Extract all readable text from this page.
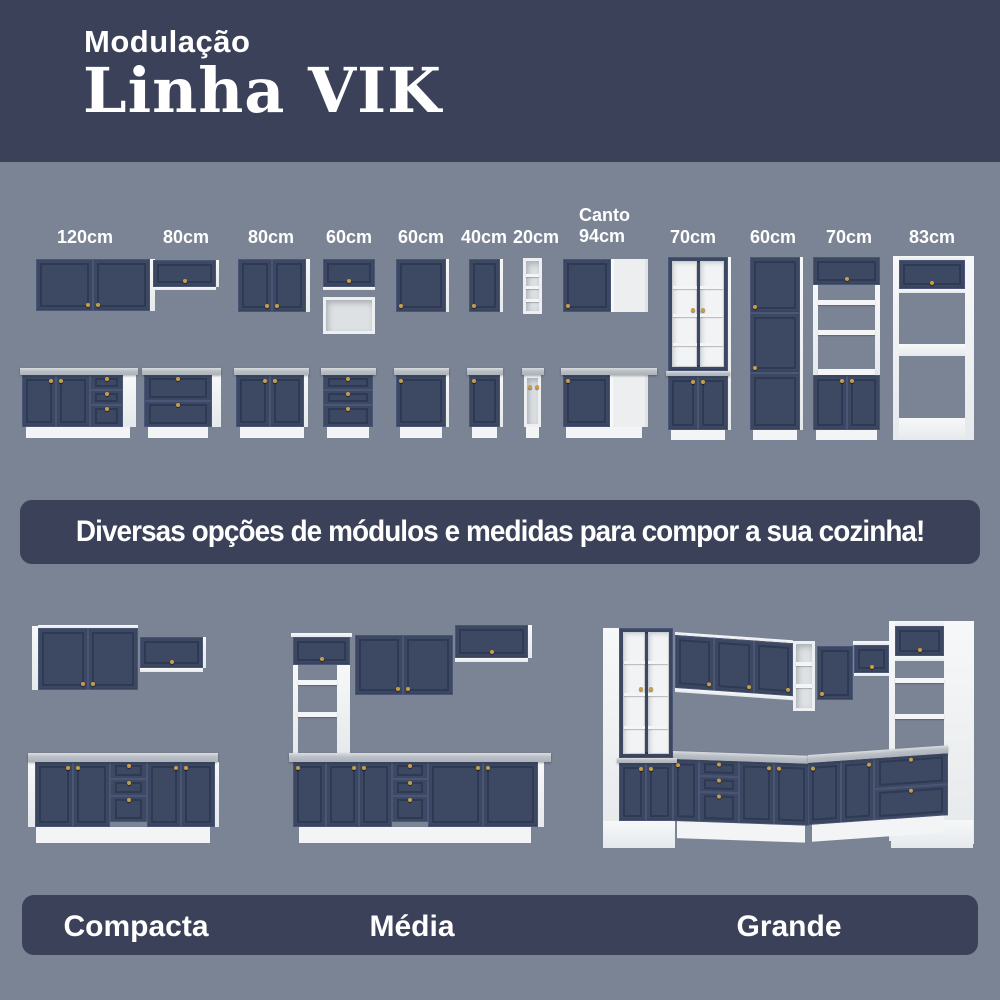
Modulação
Linha VIK
120cm	80cm	80cm	60cm	60cm 40cm 20cm
Canto 94cm	70cm	60cm	70cm	83cm
Diversas opções de módulos e medidas para compor a sua cozinha!
Compacta	Média	Grande
